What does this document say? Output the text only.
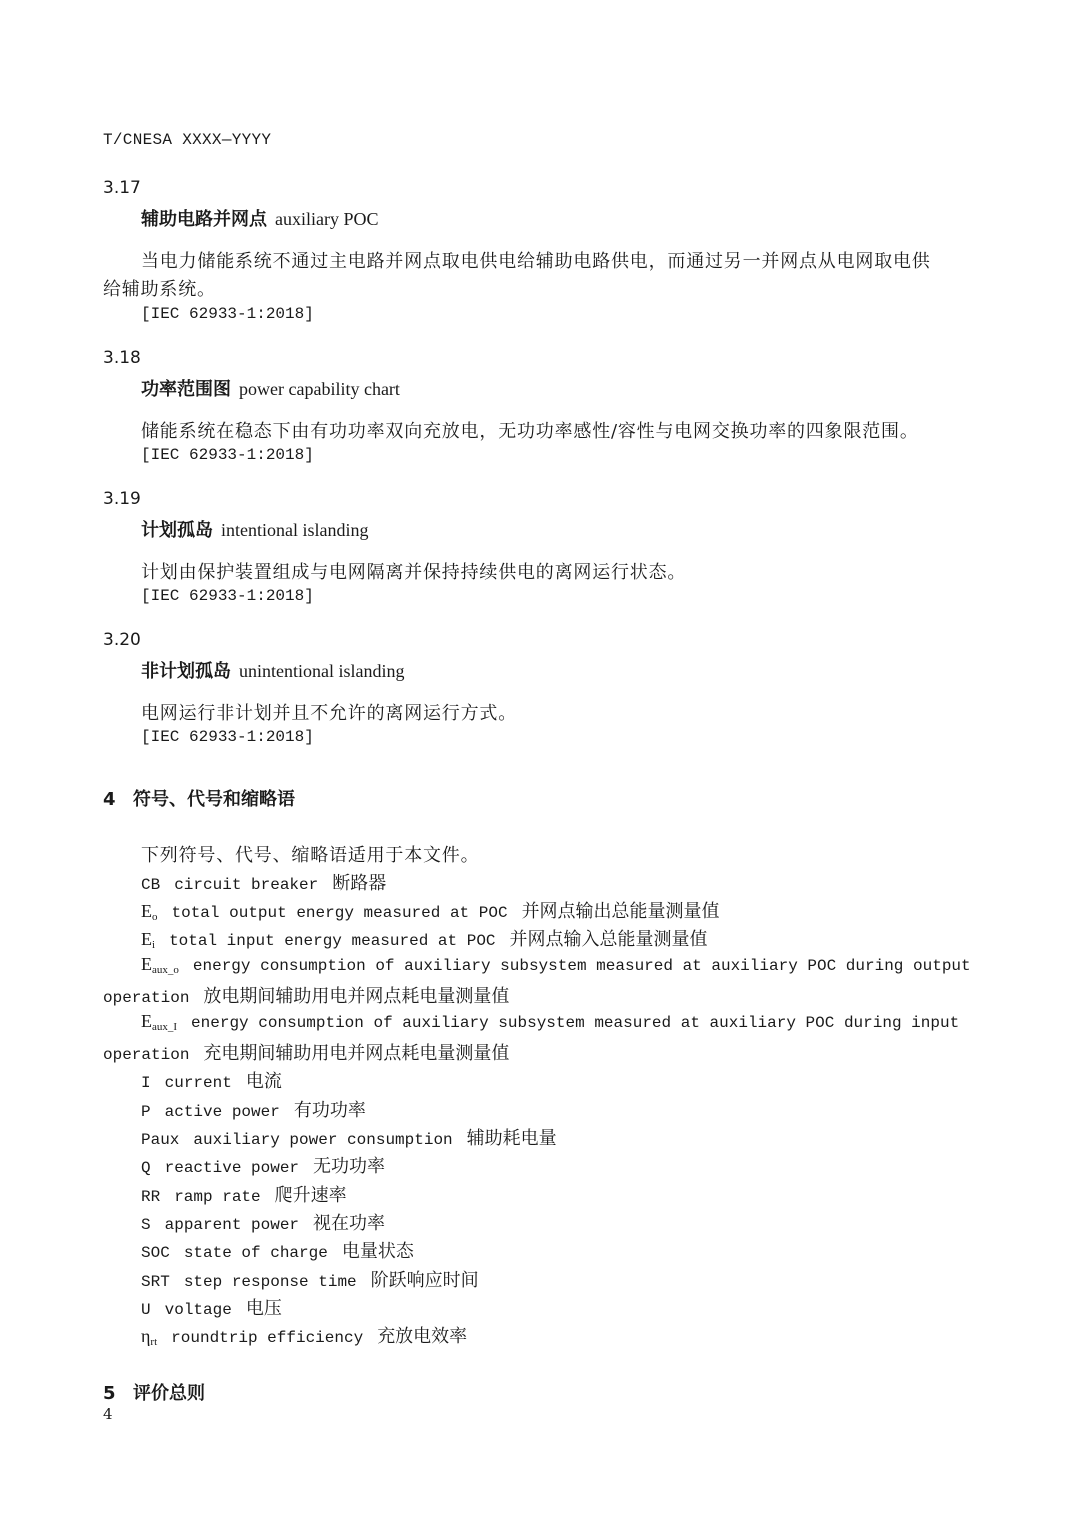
T/CNESA XXXX—YYYY
3.17
辅助电路并网点 auxiliary POC
当电力储能系统不通过主电路并网点取电供电给辅助电路供电，而通过另一并网点从电网取电供
给辅助系统。
[IEC 62933-1:2018]
3.18
功率范围图 power capability chart
储能系统在稳态下由有功功率双向充放电，无功功率感性/容性与电网交换功率的四象限范围。
[IEC 62933-1:2018]
3.19
计划孤岛 intentional islanding
计划由保护装置组成与电网隔离并保持持续供电的离网运行状态。
[IEC 62933-1:2018]
3.20
非计划孤岛 unintentional islanding
电网运行非计划并且不允许的离网运行方式。
[IEC 62933-1:2018]
4 符号、代号和缩略语
下列符号、代号、缩略语适用于本文件。
CB circuit breaker 断路器
$E_o$ total output energy measured at POC 并网点输出总能量测量值
$E_i$ total input energy measured at POC 并网点输入总能量测量值
$E_{aux\_o}$ energy consumption of auxiliary subsystem measured at auxiliary POC during output
operation 放电期间辅助用电并网点耗电量测量值
$E_{aux\_I}$ energy consumption of auxiliary subsystem measured at auxiliary POC during input
operation 充电期间辅助用电并网点耗电量测量值
I current 电流
P active power 有功功率
Paux auxiliary power consumption 辅助耗电量
Q reactive power 无功功率
RR ramp rate 爬升速率
S apparent power 视在功率
SOC state of charge 电量状态
SRT step response time 阶跃响应时间
U voltage 电压
$\eta_{rt}$ roundtrip efficiency 充放电效率
5 评价总则
4
